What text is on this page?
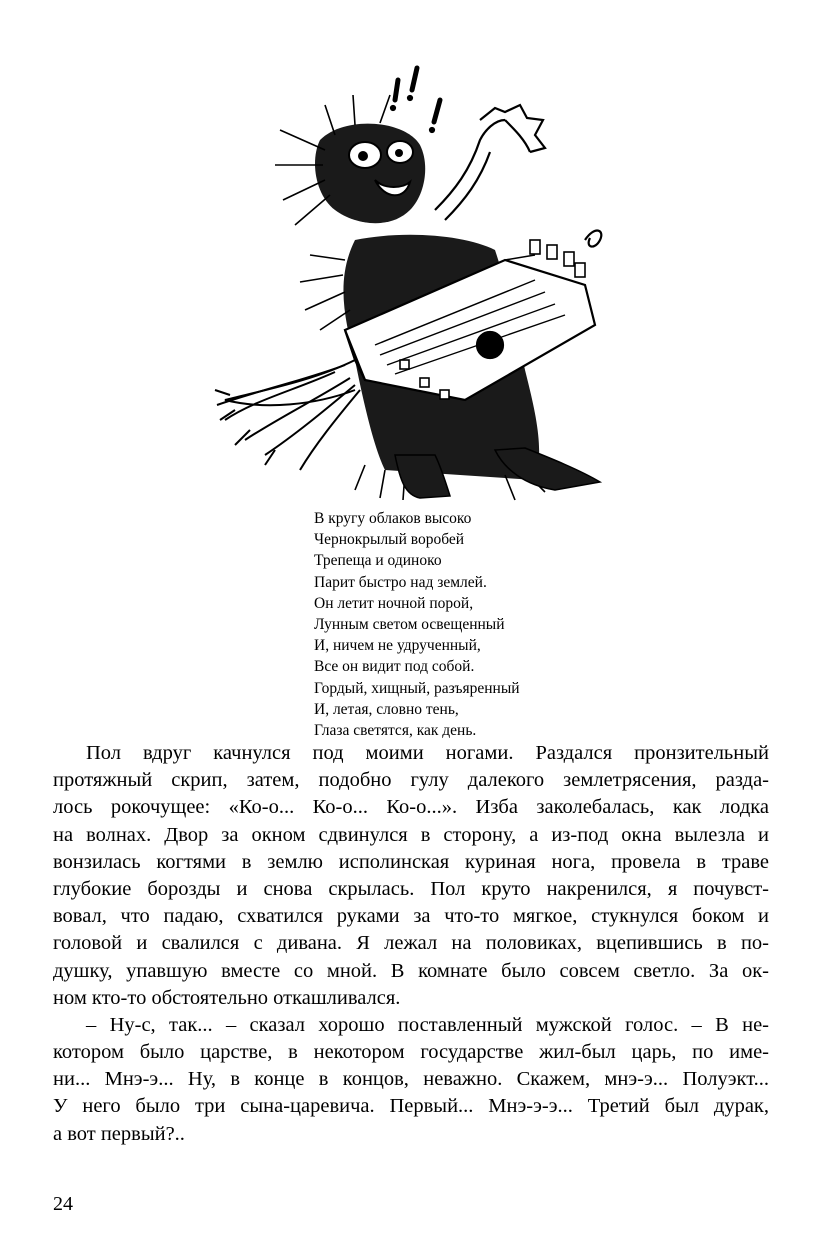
В кругу облаков высоко
Чернокрылый воробей
Трепеща и одиноко
Парит быстро над землей.
Он летит ночной порой,
Лунным светом освещенный
И, ничем не удрученный,
Все он видит под собой.
Гордый, хищный, разъяренный
И, летая, словно тень,
Глаза светятся, как день.
Пол вдруг качнулся под моими ногами. Раздался пронзительный
протяжный скрип, затем, подобно гулу далекого землетрясения, разда-
лось рокочущее: «Ко-о... Ко-о... Ко-о...». Изба заколебалась, как лодка
на волнах. Двор за окном сдвинулся в сторону, а из-под окна вылезла и
вонзилась когтями в землю исполинская куриная нога, провела в траве
глубокие борозды и снова скрылась. Пол круто накренился, я почувст-
вовал, что падаю, схватился руками за что-то мягкое, стукнулся боком и
головой и свалился с дивана. Я лежал на половиках, вцепившись в по-
душку, упавшую вместе со мной. В комнате было совсем светло. За ок-
ном кто-то обстоятельно откашливался.
– Ну-с, так... – сказал хорошо поставленный мужской голос. – В не-
котором было царстве, в некотором государстве жил-был царь, по име-
ни... Мнэ-э... Ну, в конце в концов, неважно. Скажем, мнэ-э... Полуэкт...
У него было три сына-царевича. Первый... Мнэ-э-э... Третий был дурак,
а вот первый?..
24
